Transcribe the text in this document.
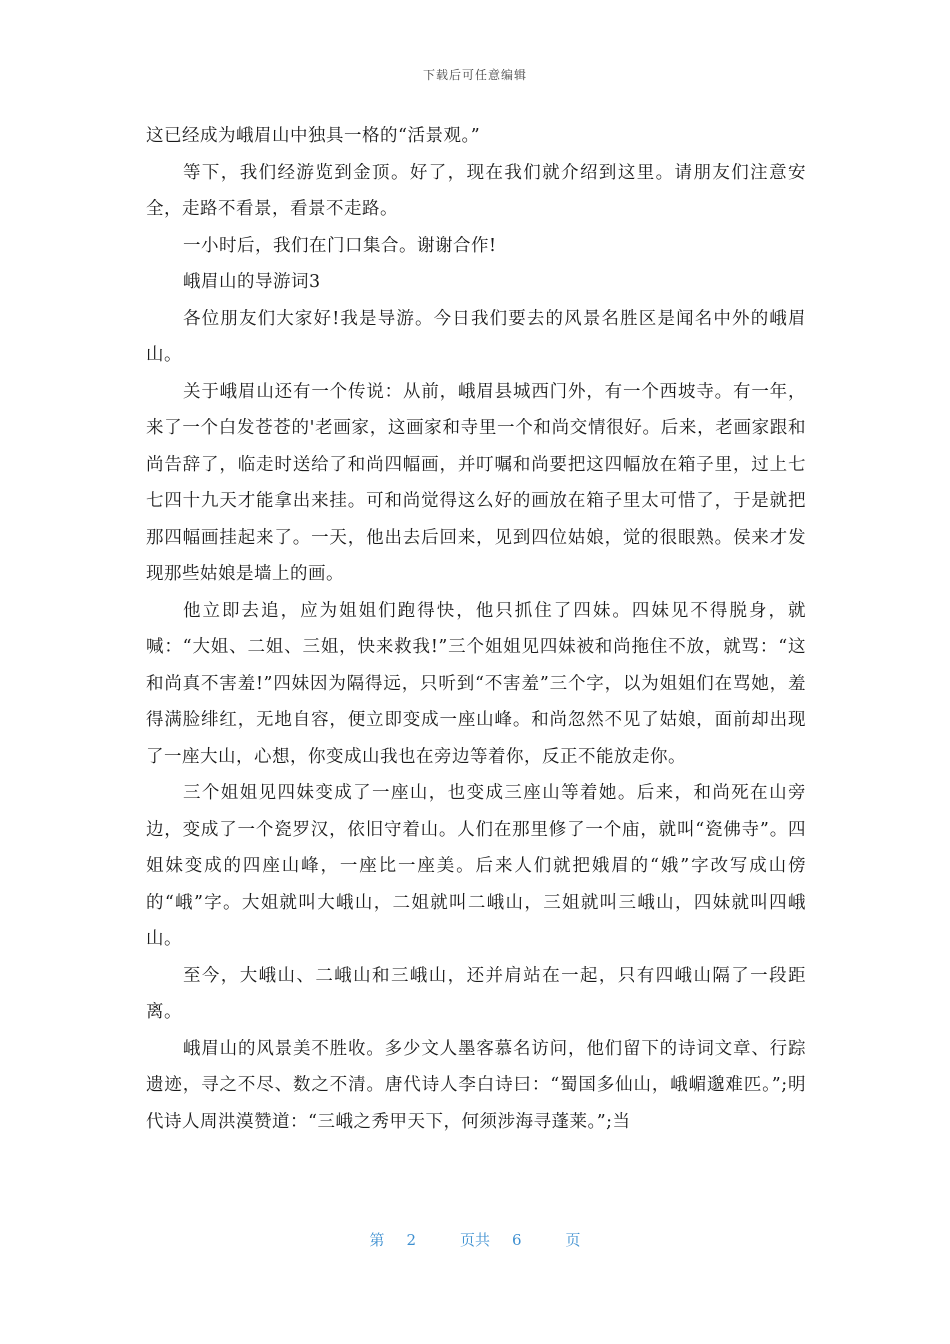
下载后可任意编辑

这已经成为峨眉山中独具一格的“活景观。”

等下，我们经游览到金顶。好了，现在我们就介绍到这里。请朋友们注意安全，走路不看景，看景不走路。

一小时后，我们在门口集合。谢谢合作!

峨眉山的导游词3

各位朋友们大家好!我是导游。今日我们要去的风景名胜区是闻名中外的峨眉山。

关于峨眉山还有一个传说：从前，峨眉县城西门外，有一个西坡寺。有一年，来了一个白发苍苍的'老画家，这画家和寺里一个和尚交情很好。后来，老画家跟和尚告辞了，临走时送给了和尚四幅画，并叮嘱和尚要把这四幅放在箱子里，过上七七四十九天才能拿出来挂。可和尚觉得这么好的画放在箱子里太可惜了，于是就把那四幅画挂起来了。一天，他出去后回来，见到四位姑娘，觉的很眼熟。侯来才发现那些姑娘是墙上的画。

他立即去追，应为姐姐们跑得快，他只抓住了四妹。四妹见不得脱身，就喊：“大姐、二姐、三姐，快来救我!”三个姐姐见四妹被和尚拖住不放，就骂：“这和尚真不害羞!”四妹因为隔得远，只听到“不害羞”三个字，以为姐姐们在骂她，羞得满脸绯红，无地自容，便立即变成一座山峰。和尚忽然不见了姑娘，面前却出现了一座大山，心想，你变成山我也在旁边等着你，反正不能放走你。

三个姐姐见四妹变成了一座山，也变成三座山等着她。后来，和尚死在山旁边，变成了一个瓷罗汉，依旧守着山。人们在那里修了一个庙，就叫“瓷佛寺”。四姐妹变成的四座山峰，一座比一座美。后来人们就把娥眉的“娥”字改写成山傍的“峨”字。大姐就叫大峨山，二姐就叫二峨山，三姐就叫三峨山，四妹就叫四峨山。

至今，大峨山、二峨山和三峨山，还并肩站在一起，只有四峨山隔了一段距离。

峨眉山的风景美不胜收。多少文人墨客慕名访问，他们留下的诗词文章、行踪遗迹，寻之不尽、数之不清。唐代诗人李白诗曰：“蜀国多仙山，峨嵋邈难匹。”;明代诗人周洪漠赞道：“三峨之秀甲天下，何须涉海寻蓬莱。”;当

第 2	页共 6	页
